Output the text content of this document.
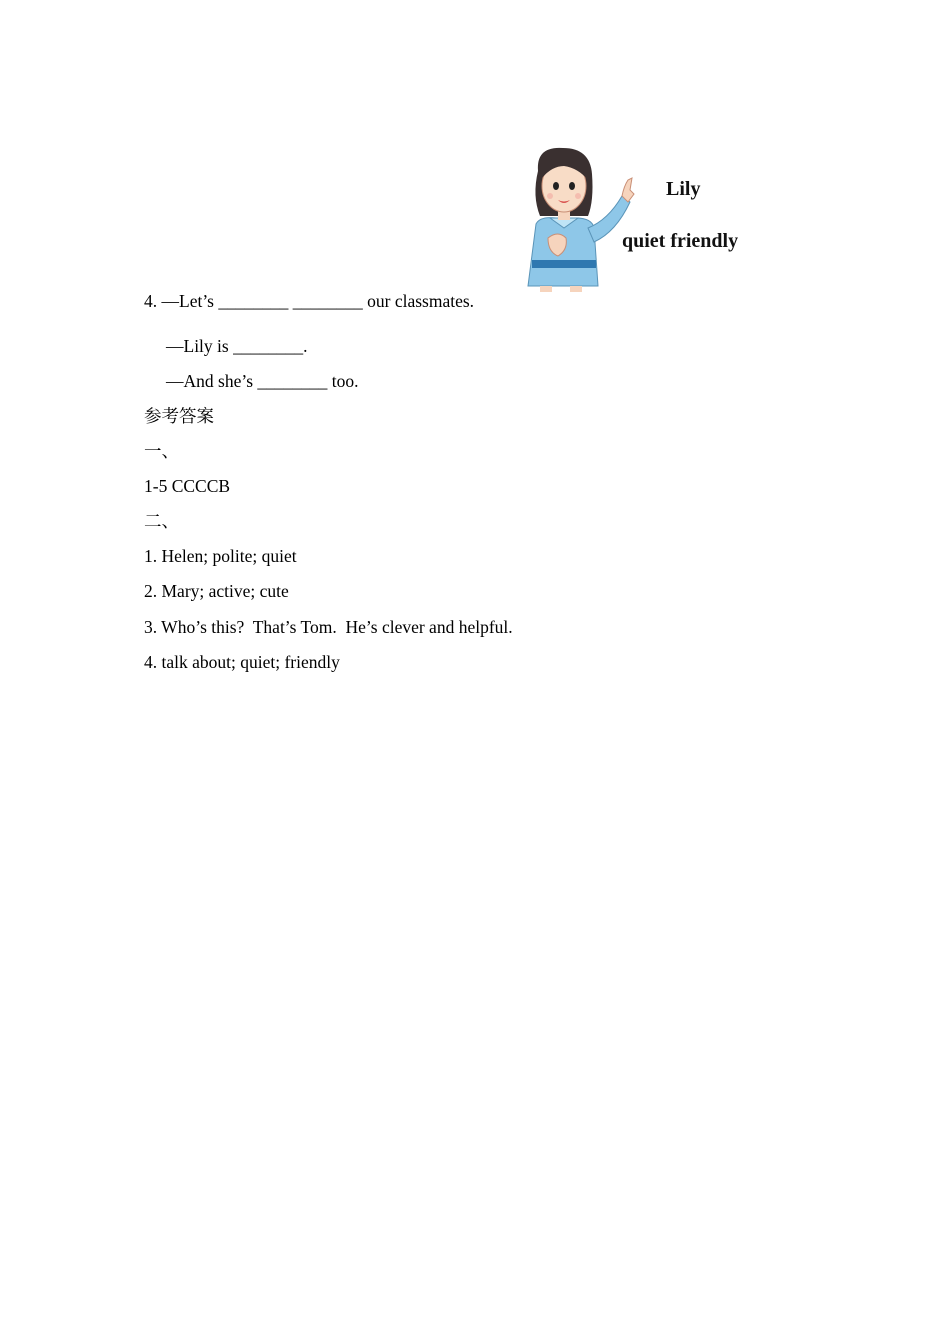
Lily
quiet friendly
4. —Let’s ________ ________ our classmates.
—Lily is ________.
—And she’s ________ too.
参考答案
一、
1-5 CCCCB
二、
1. Helen; polite; quiet
2. Mary; active; cute
3. Who’s this?  That’s Tom.  He’s clever and helpful.
4. talk about; quiet; friendly
